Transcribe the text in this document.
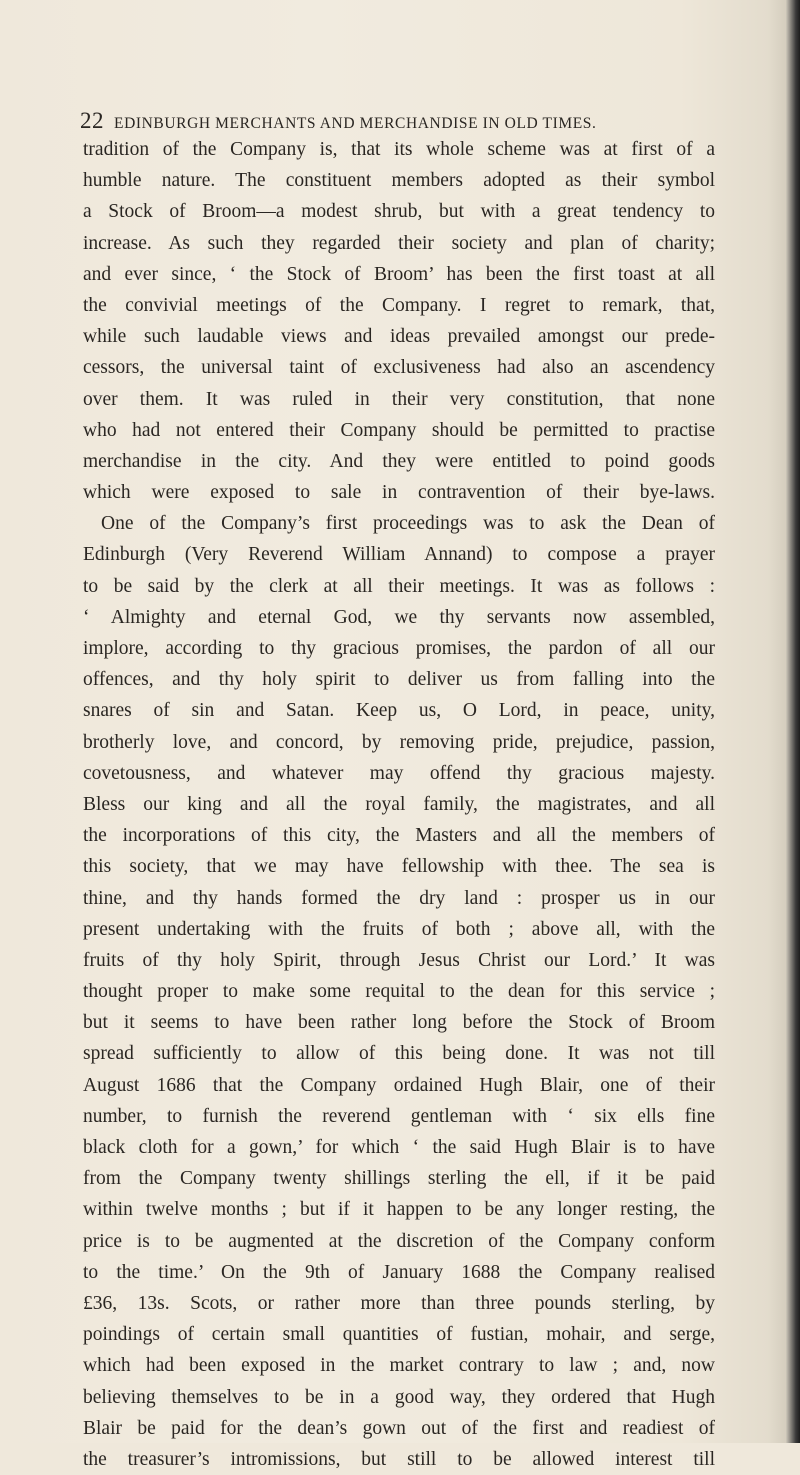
22 EDINBURGH MERCHANTS AND MERCHANDISE IN OLD TIMES.
tradition of the Company is, that its whole scheme was at first of a
humble nature. The constituent members adopted as their symbol
a Stock of Broom—a modest shrub, but with a great tendency to
increase. As such they regarded their society and plan of charity;
and ever since, ‘ the Stock of Broom’ has been the first toast at all
the convivial meetings of the Company. I regret to remark, that,
while such laudable views and ideas prevailed amongst our prede-
cessors, the universal taint of exclusiveness had also an ascendency
over them. It was ruled in their very constitution, that none
who had not entered their Company should be permitted to practise
merchandise in the city. And they were entitled to poind goods
which were exposed to sale in contravention of their bye-laws.
One of the Company’s first proceedings was to ask the Dean of
Edinburgh (Very Reverend William Annand) to compose a prayer
to be said by the clerk at all their meetings. It was as follows :
‘ Almighty and eternal God, we thy servants now assembled,
implore, according to thy gracious promises, the pardon of all our
offences, and thy holy spirit to deliver us from falling into the
snares of sin and Satan. Keep us, O Lord, in peace, unity,
brotherly love, and concord, by removing pride, prejudice, passion,
covetousness, and whatever may offend thy gracious majesty.
Bless our king and all the royal family, the magistrates, and all
the incorporations of this city, the Masters and all the members of
this society, that we may have fellowship with thee. The sea is
thine, and thy hands formed the dry land : prosper us in our
present undertaking with the fruits of both ; above all, with the
fruits of thy holy Spirit, through Jesus Christ our Lord.’ It was
thought proper to make some requital to the dean for this service ;
but it seems to have been rather long before the Stock of Broom
spread sufficiently to allow of this being done. It was not till
August 1686 that the Company ordained Hugh Blair, one of their
number, to furnish the reverend gentleman with ‘ six ells fine
black cloth for a gown,’ for which ‘ the said Hugh Blair is to have
from the Company twenty shillings sterling the ell, if it be paid
within twelve months ; but if it happen to be any longer resting, the
price is to be augmented at the discretion of the Company conform
to the time.’ On the 9th of January 1688 the Company realised
£36, 13s. Scots, or rather more than three pounds sterling, by
poindings of certain small quantities of fustian, mohair, and serge,
which had been exposed in the market contrary to law ; and, now
believing themselves to be in a good way, they ordered that Hugh
Blair be paid for the dean’s gown out of the first and readiest of
the treasurer’s intromissions, but still to be allowed interest till
